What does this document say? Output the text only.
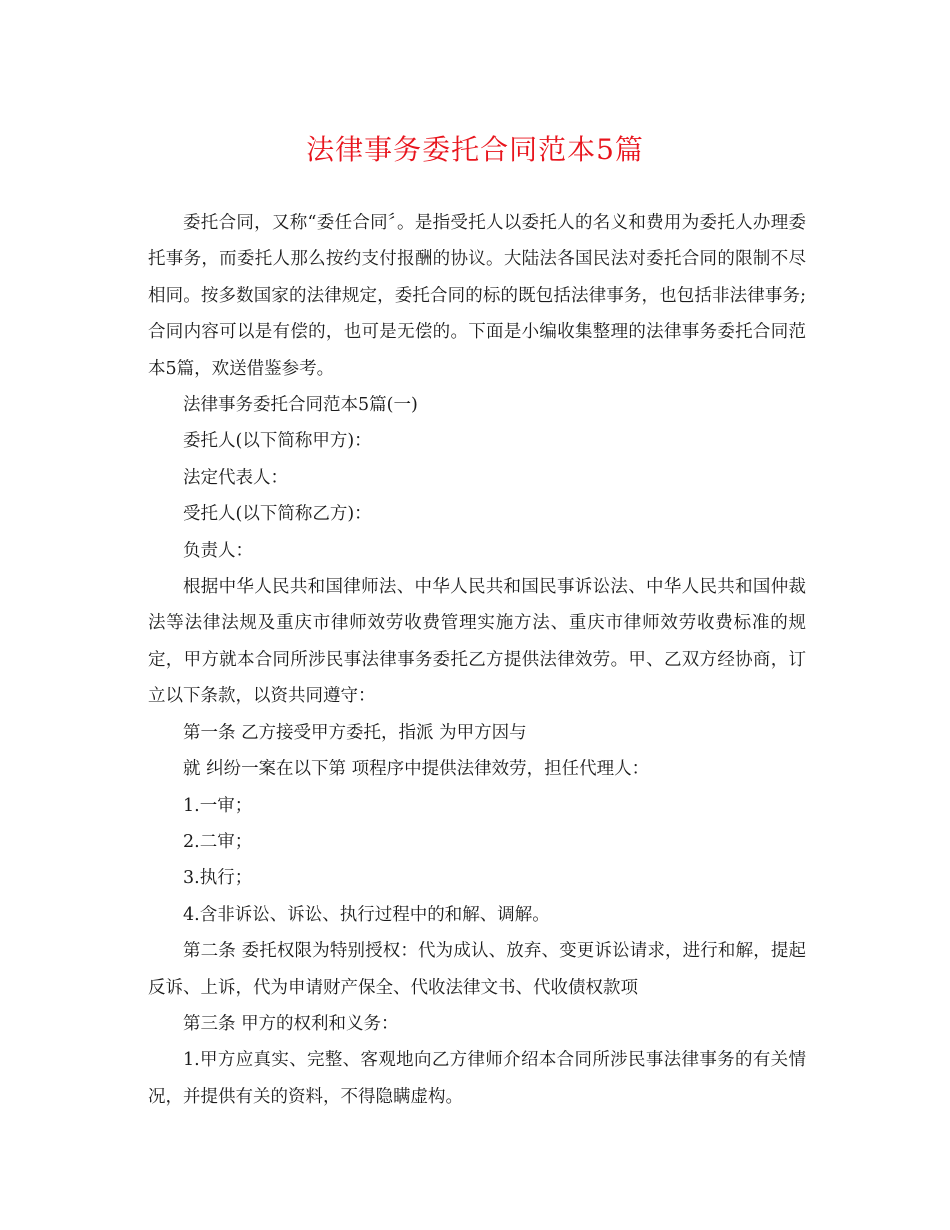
法律事务委托合同范本5篇

委托合同，又称“委任合同〞。是指受托人以委托人的名义和费用为委托人办理委托事务，而委托人那么按约支付报酬的协议。大陆法各国民法对委托合同的限制不尽相同。按多数国家的法律规定，委托合同的标的既包括法律事务，也包括非法律事务;合同内容可以是有偿的，也可是无偿的。下面是小编收集整理的法律事务委托合同范本5篇，欢送借鉴参考。

法律事务委托合同范本5篇(一)

委托人(以下简称甲方)：

法定代表人：

受托人(以下简称乙方)：

负责人：

根据中华人民共和国律师法、中华人民共和国民事诉讼法、中华人民共和国仲裁法等法律法规及重庆市律师效劳收费管理实施方法、重庆市律师效劳收费标准的规定，甲方就本合同所涉民事法律事务委托乙方提供法律效劳。甲、乙双方经协商，订立以下条款，以资共同遵守：

第一条 乙方接受甲方委托，指派 为甲方因与

就 纠纷一案在以下第 项程序中提供法律效劳，担任代理人：

1.一审；

2.二审；

3.执行；

4.含非诉讼、诉讼、执行过程中的和解、调解。

第二条 委托权限为特别授权：代为成认、放弃、变更诉讼请求，进行和解，提起反诉、上诉，代为申请财产保全、代收法律文书、代收债权款项

第三条 甲方的权利和义务：

1.甲方应真实、完整、客观地向乙方律师介绍本合同所涉民事法律事务的有关情况，并提供有关的资料，不得隐瞒虚构。
